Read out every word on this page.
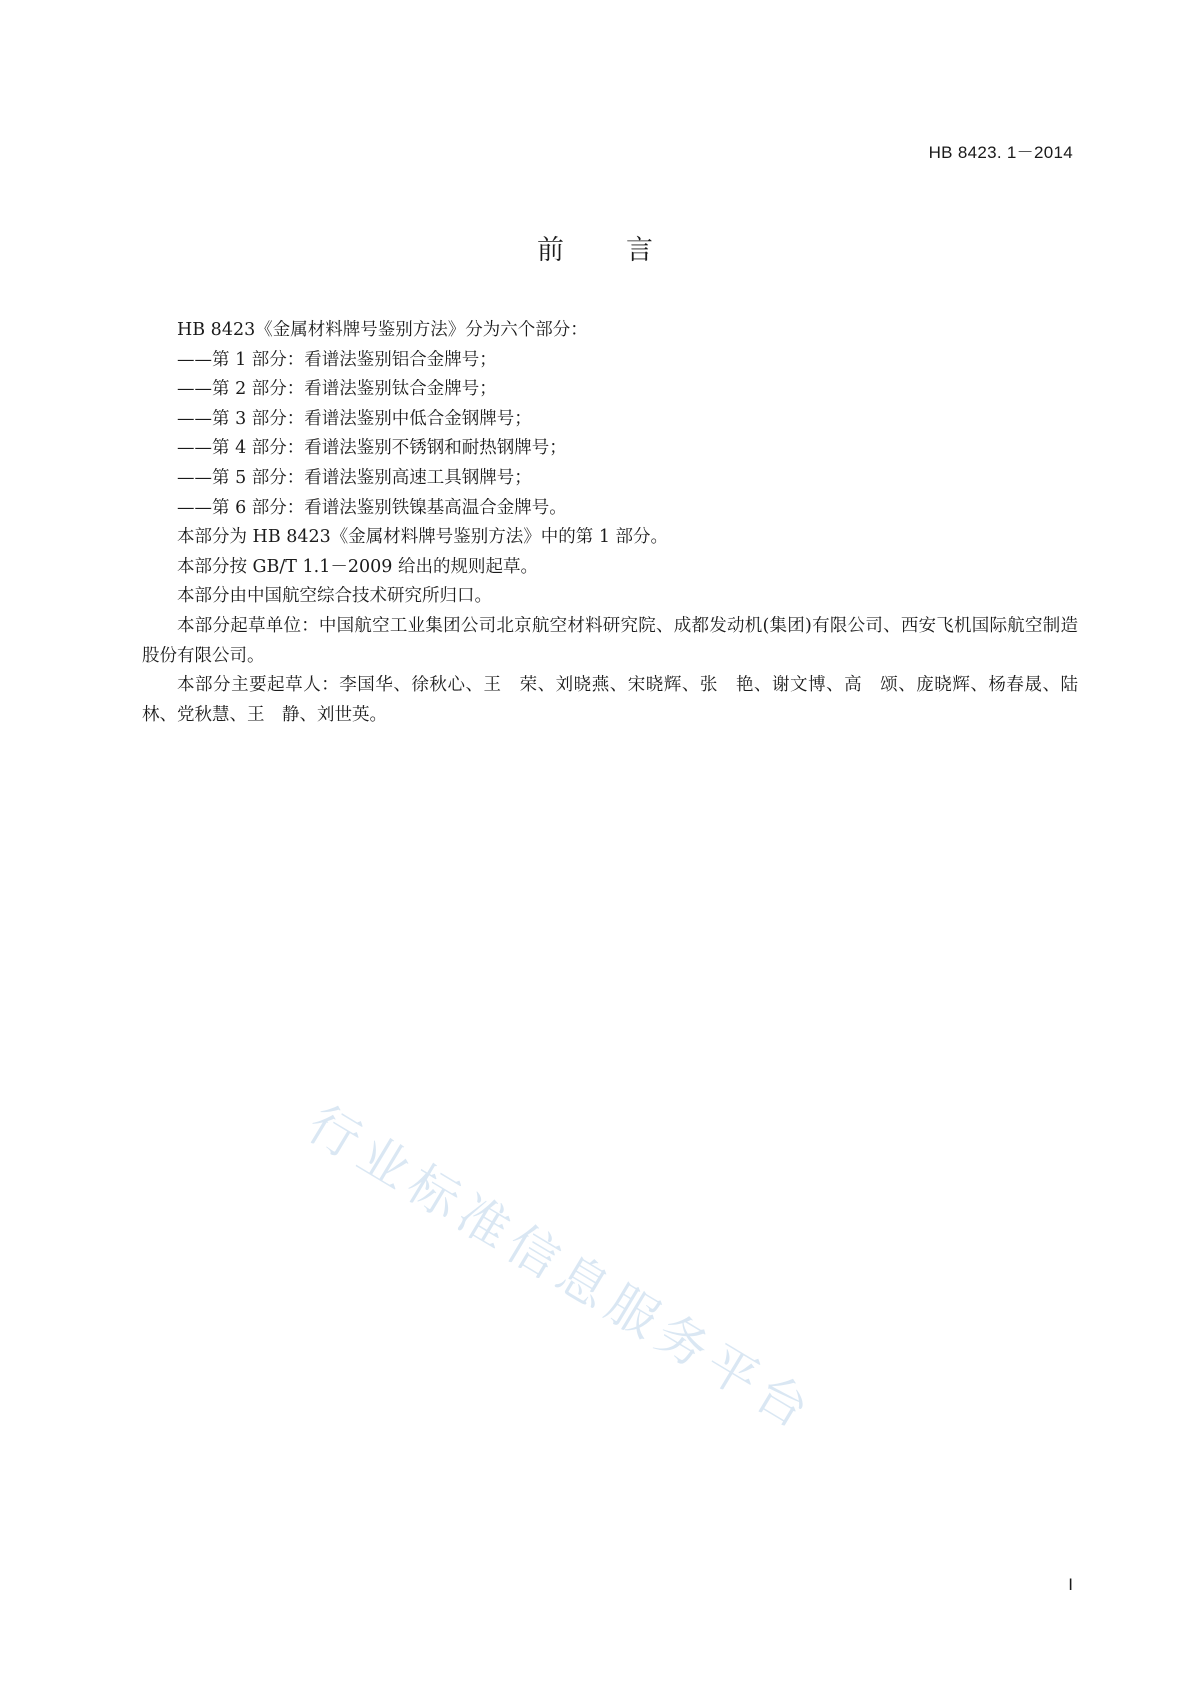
HB 8423. 1－2014
前言

HB 8423《金属材料牌号鉴别方法》分为六个部分：

——第 1 部分：看谱法鉴别铝合金牌号；

——第 2 部分：看谱法鉴别钛合金牌号；

——第 3 部分：看谱法鉴别中低合金钢牌号；

——第 4 部分：看谱法鉴别不锈钢和耐热钢牌号；

——第 5 部分：看谱法鉴别高速工具钢牌号；

——第 6 部分：看谱法鉴别铁镍基高温合金牌号。

本部分为 HB 8423《金属材料牌号鉴别方法》中的第 1 部分。

本部分按 GB/T 1.1－2009 给出的规则起草。

本部分由中国航空综合技术研究所归口。

本部分起草单位：中国航空工业集团公司北京航空材料研究院、成都发动机(集团)有限公司、西安飞机国际航空制造股份有限公司。

本部分主要起草人：李国华、徐秋心、王　荣、刘晓燕、宋晓辉、张　艳、谢文博、高　颂、庞晓辉、杨春晟、陆　林、党秋慧、王　静、刘世英。

行业标准信息服务平台
I
